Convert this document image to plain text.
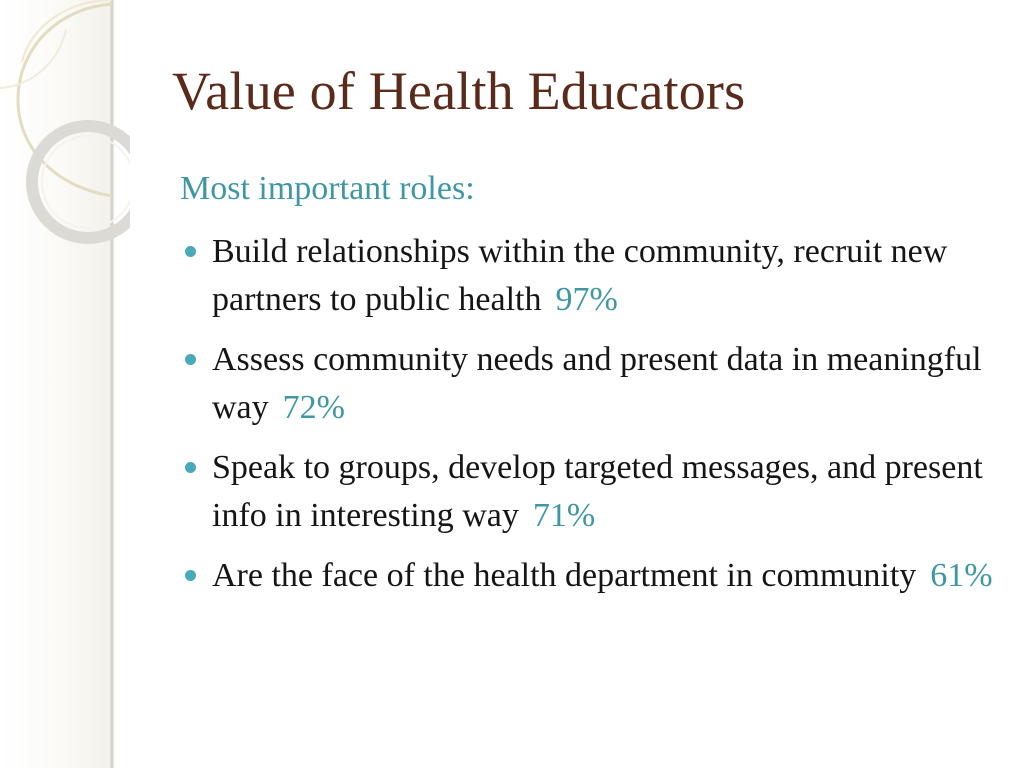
Value of Health Educators
Most important roles:
Build relationships within the community, recruit new partners to public health 97%
Assess community needs and present data in meaningful way 72%
Speak to groups, develop targeted messages, and present info in interesting way 71%
Are the face of the health department in community 61%
